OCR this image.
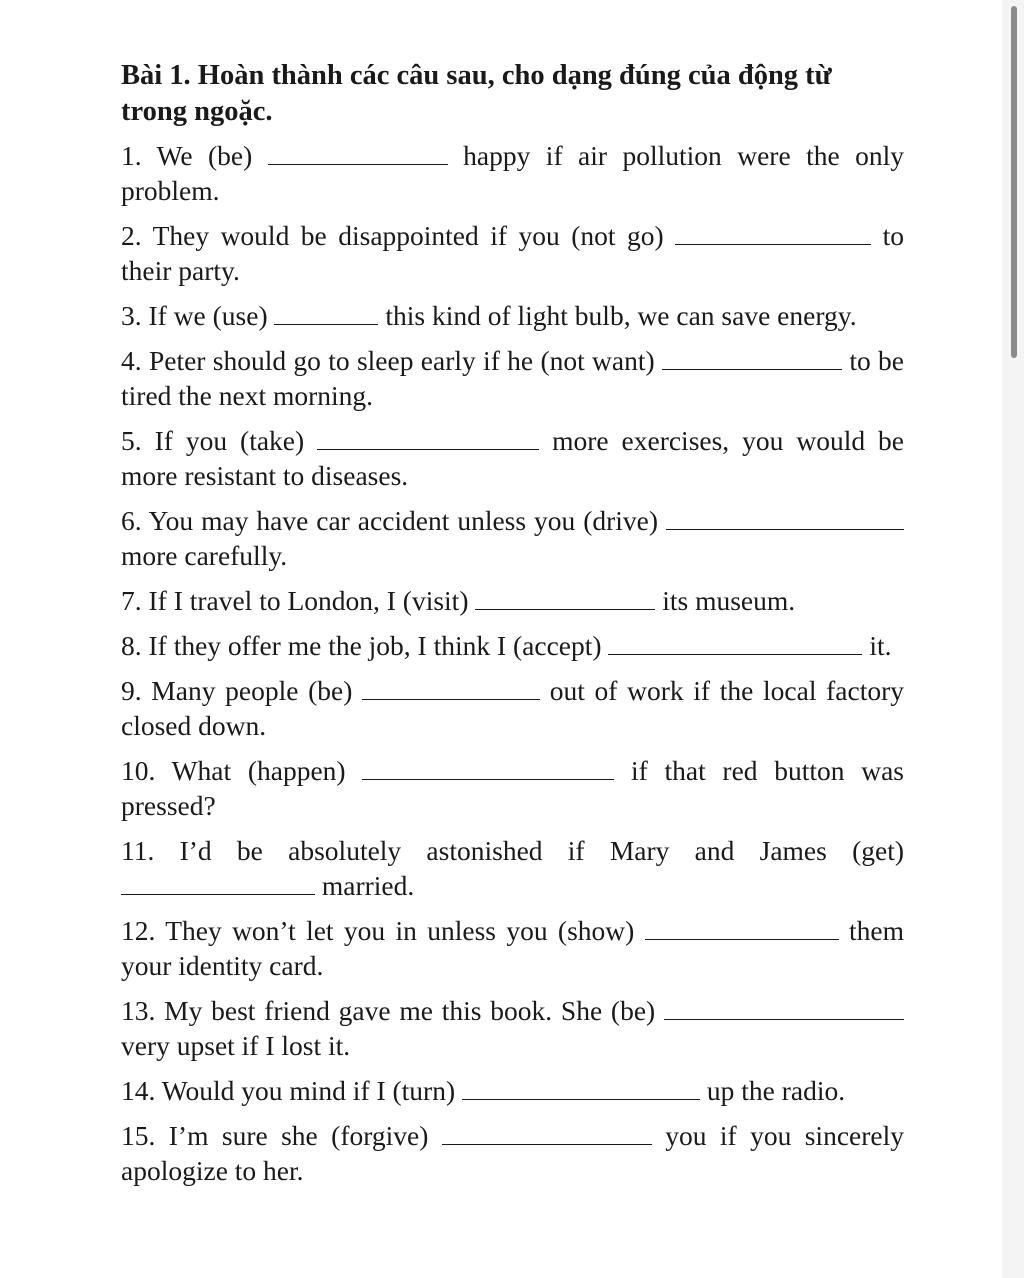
Bài 1. Hoàn thành các câu sau, cho dạng đúng của động từ trong ngoặc.

1. We (be)	happy if air pollution were the only problem.

2. They would be disappointed if you (not go)	to their party.

3. If we (use)	this kind of light bulb, we can save energy.

4. Peter should go to sleep early if he (not want)	to be tired the next morning.

5. If you (take)	more exercises, you would be more resistant to diseases.

6. You may have car accident unless you (drive)  more carefully.

7. If I travel to London, I (visit)	its museum.

8. If they offer me the job, I think I (accept)	it.

9. Many people (be)	out of work if the local factory closed down.

10. What (happen)	if that red button was pressed?

11. I’d be absolutely astonished if Mary and James (get)  married.

12. They won’t let you in unless you (show)	them your identity card.

13. My best friend gave me this book. She (be)  very upset if I lost it.

14. Would you mind if I (turn)	up the radio.

15. I’m sure she (forgive)	you if you sincerely apologize to her.
